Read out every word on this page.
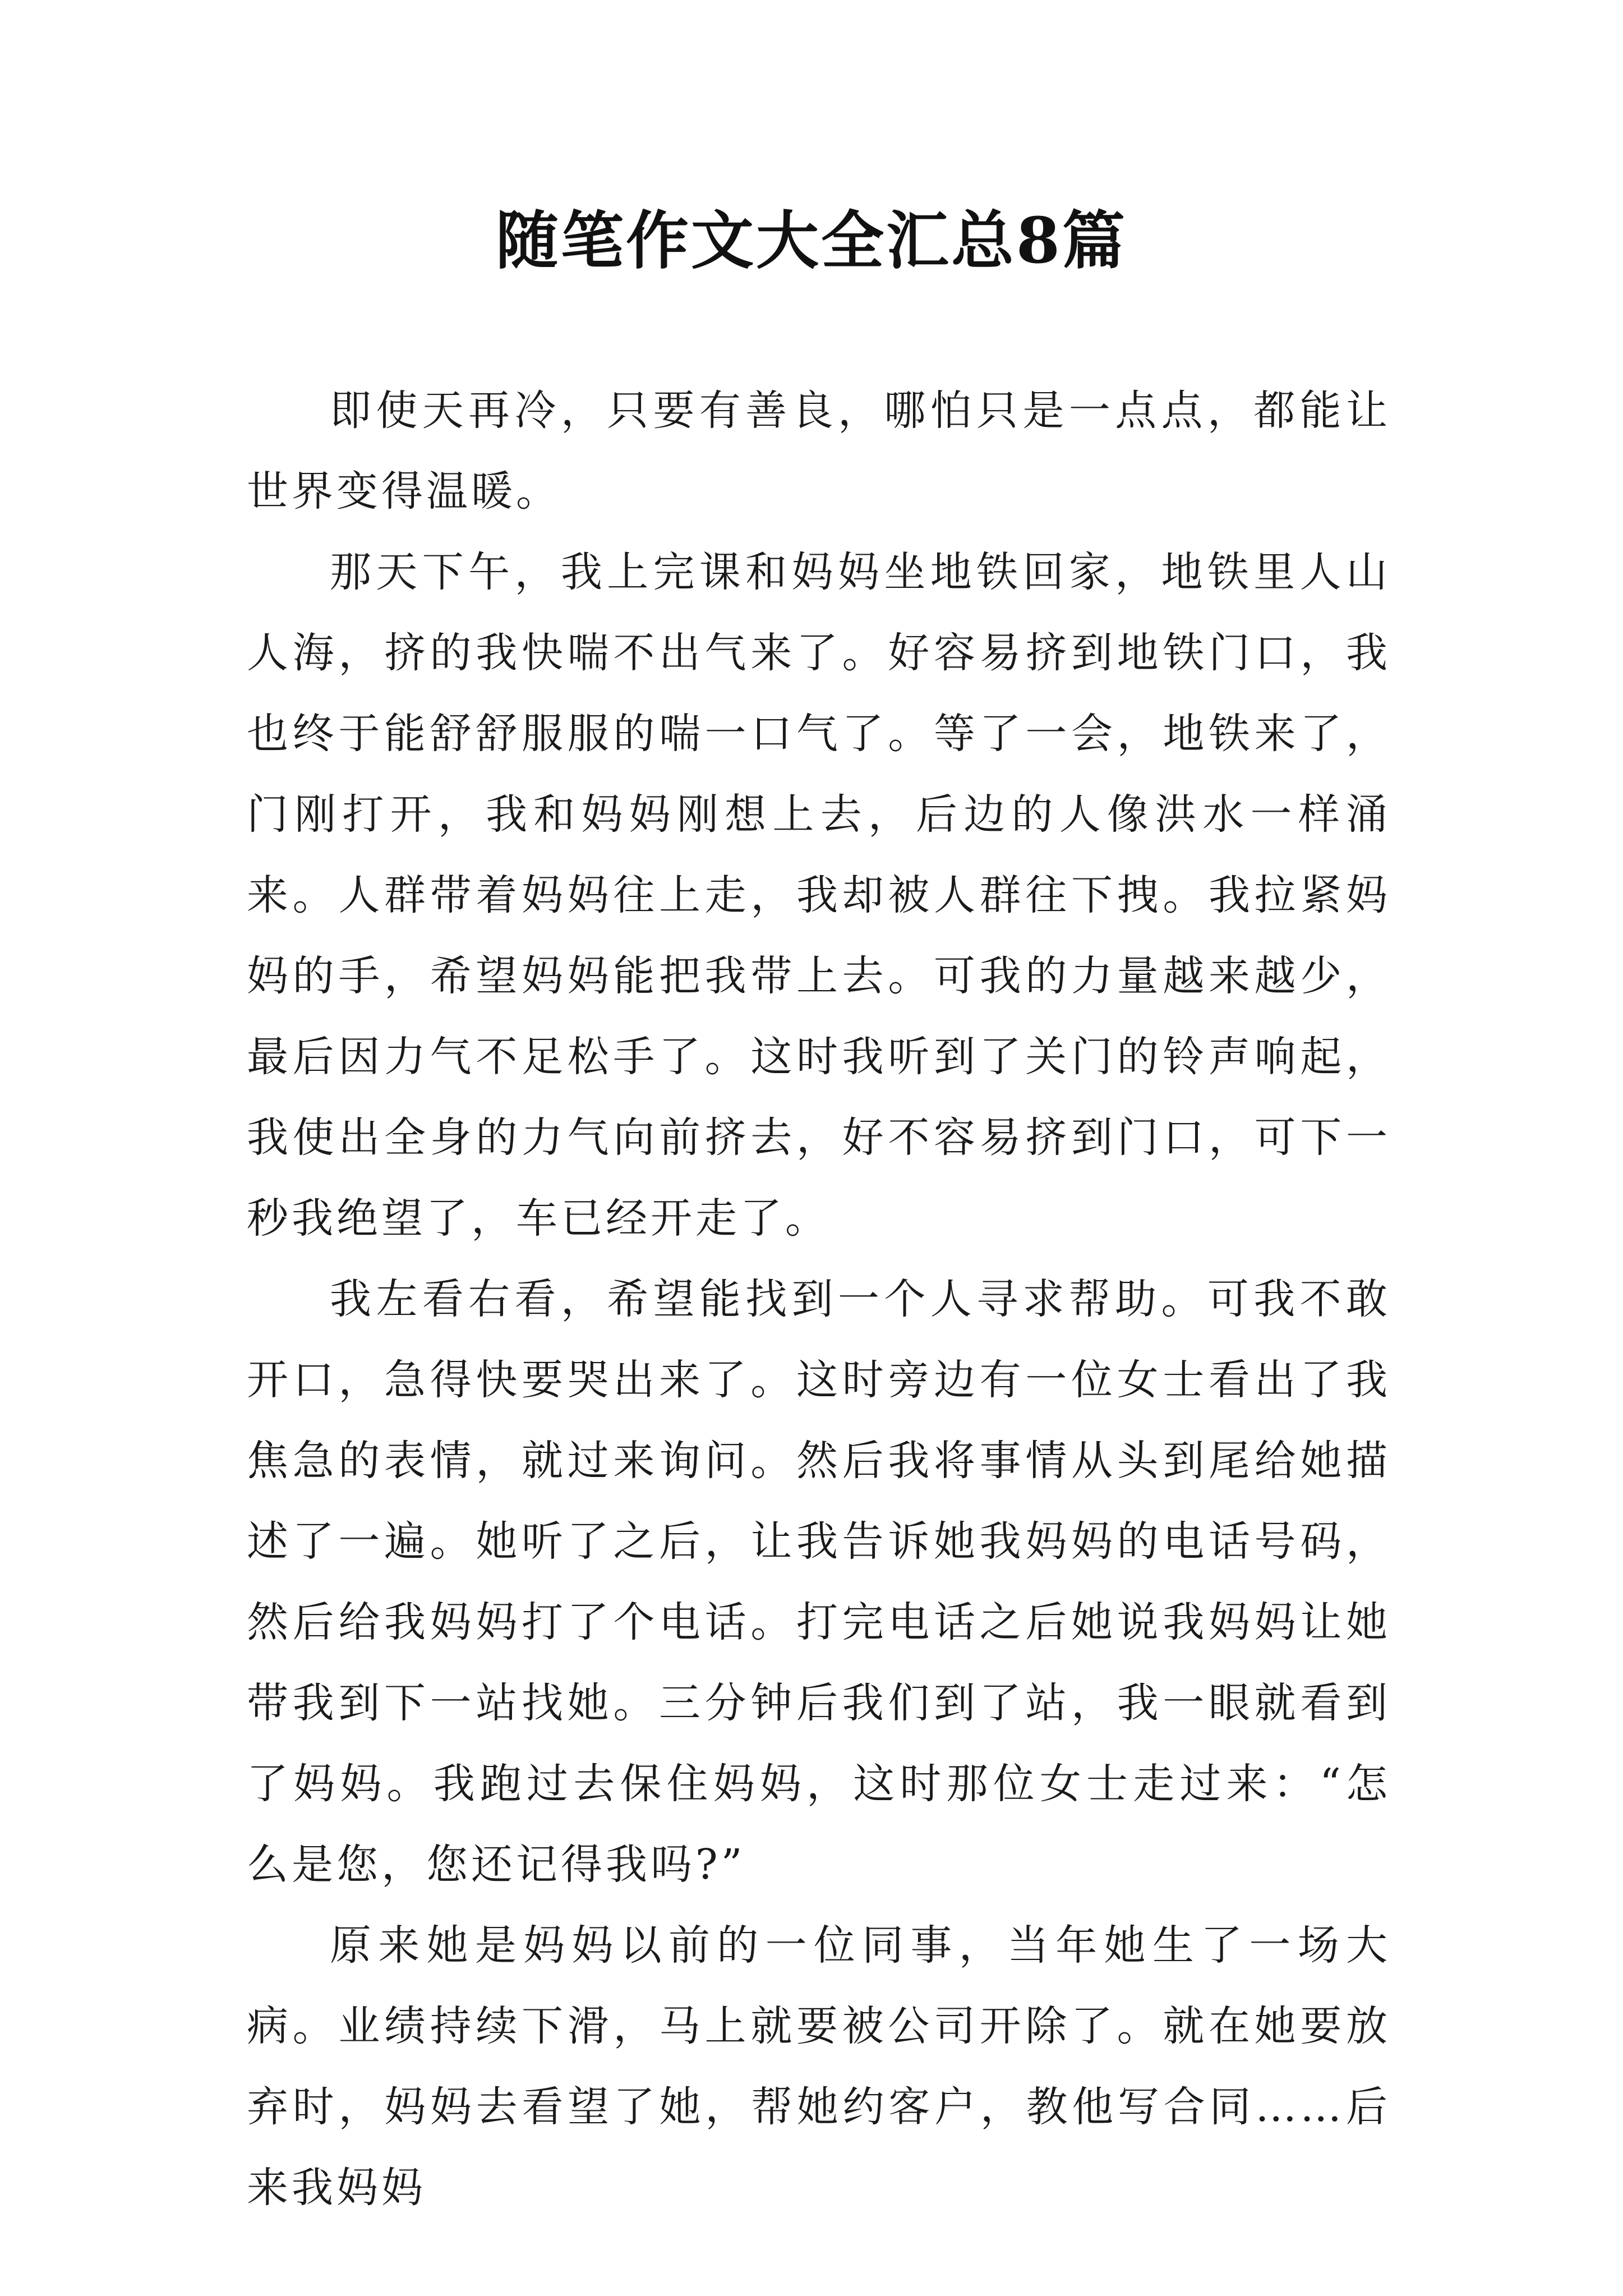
随笔作文大全汇总8篇

即使天再冷，只要有善良，哪怕只是一点点，都能让世界变得温暖。

那天下午，我上完课和妈妈坐地铁回家，地铁里人山人海，挤的我快喘不出气来了。好容易挤到地铁门口，我也终于能舒舒服服的喘一口气了。等了一会，地铁来了，门刚打开，我和妈妈刚想上去，后边的人像洪水一样涌来。人群带着妈妈往上走，我却被人群往下拽。我拉紧妈妈的手，希望妈妈能把我带上去。可我的力量越来越少，最后因力气不足松手了。这时我听到了关门的铃声响起，我使出全身的力气向前挤去，好不容易挤到门口，可下一秒我绝望了，车已经开走了。

我左看右看，希望能找到一个人寻求帮助。可我不敢开口，急得快要哭出来了。这时旁边有一位女士看出了我焦急的表情，就过来询问。然后我将事情从头到尾给她描述了一遍。她听了之后，让我告诉她我妈妈的电话号码，然后给我妈妈打了个电话。打完电话之后她说我妈妈让她带我到下一站找她。三分钟后我们到了站，我一眼就看到了妈妈。我跑过去保住妈妈，这时那位女士走过来：“怎么是您，您还记得我吗?”

原来她是妈妈以前的一位同事，当年她生了一场大病。业绩持续下滑，马上就要被公司开除了。就在她要放弃时，妈妈去看望了她，帮她约客户，教他写合同……后来我妈妈
